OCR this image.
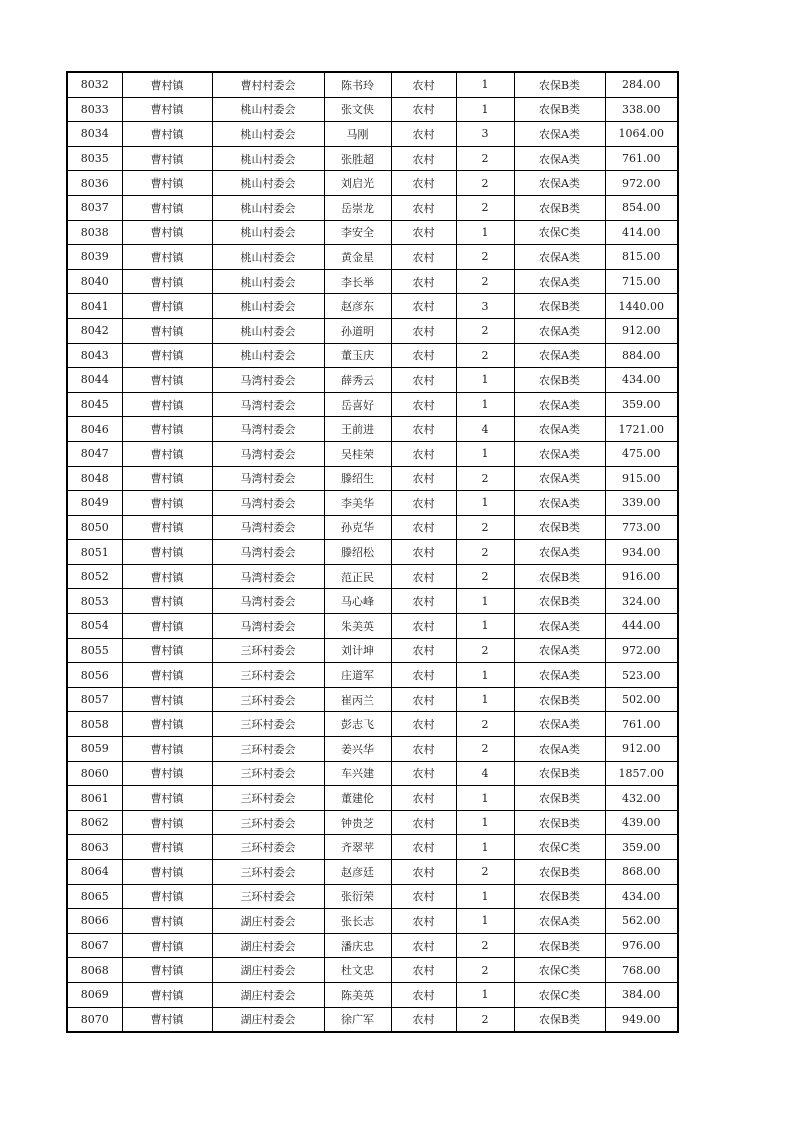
8032	曹村镇	曹村村委会	陈书玲	农村	1	农保B类	284.00
8033	曹村镇	桃山村委会	张文侠	农村	1	农保B类	338.00
8034	曹村镇	桃山村委会	马刚	农村	3	农保A类	1064.00
8035	曹村镇	桃山村委会	张胜超	农村	2	农保A类	761.00
8036	曹村镇	桃山村委会	刘启光	农村	2	农保A类	972.00
8037	曹村镇	桃山村委会	岳崇龙	农村	2	农保B类	854.00
8038	曹村镇	桃山村委会	李安全	农村	1	农保C类	414.00
8039	曹村镇	桃山村委会	黄金星	农村	2	农保A类	815.00
8040	曹村镇	桃山村委会	李长举	农村	2	农保A类	715.00
8041	曹村镇	桃山村委会	赵彦东	农村	3	农保B类	1440.00
8042	曹村镇	桃山村委会	孙道明	农村	2	农保A类	912.00
8043	曹村镇	桃山村委会	董玉庆	农村	2	农保A类	884.00
8044	曹村镇	马湾村委会	薛秀云	农村	1	农保B类	434.00
8045	曹村镇	马湾村委会	岳喜好	农村	1	农保A类	359.00
8046	曹村镇	马湾村委会	王前进	农村	4	农保A类	1721.00
8047	曹村镇	马湾村委会	吴桂荣	农村	1	农保A类	475.00
8048	曹村镇	马湾村委会	滕绍生	农村	2	农保A类	915.00
8049	曹村镇	马湾村委会	李美华	农村	1	农保A类	339.00
8050	曹村镇	马湾村委会	孙克华	农村	2	农保B类	773.00
8051	曹村镇	马湾村委会	滕绍松	农村	2	农保A类	934.00
8052	曹村镇	马湾村委会	范正民	农村	2	农保B类	916.00
8053	曹村镇	马湾村委会	马心峰	农村	1	农保B类	324.00
8054	曹村镇	马湾村委会	朱美英	农村	1	农保A类	444.00
8055	曹村镇	三环村委会	刘计坤	农村	2	农保A类	972.00
8056	曹村镇	三环村委会	庄道军	农村	1	农保A类	523.00
8057	曹村镇	三环村委会	崔丙兰	农村	1	农保B类	502.00
8058	曹村镇	三环村委会	彭志飞	农村	2	农保A类	761.00
8059	曹村镇	三环村委会	姜兴华	农村	2	农保A类	912.00
8060	曹村镇	三环村委会	车兴建	农村	4	农保B类	1857.00
8061	曹村镇	三环村委会	董建伦	农村	1	农保B类	432.00
8062	曹村镇	三环村委会	钟贵芝	农村	1	农保B类	439.00
8063	曹村镇	三环村委会	齐翠苹	农村	1	农保C类	359.00
8064	曹村镇	三环村委会	赵彦廷	农村	2	农保B类	868.00
8065	曹村镇	三环村委会	张衍荣	农村	1	农保B类	434.00
8066	曹村镇	湖庄村委会	张长志	农村	1	农保A类	562.00
8067	曹村镇	湖庄村委会	潘庆忠	农村	2	农保B类	976.00
8068	曹村镇	湖庄村委会	杜文忠	农村	2	农保C类	768.00
8069	曹村镇	湖庄村委会	陈美英	农村	1	农保C类	384.00
8070	曹村镇	湖庄村委会	徐广军	农村	2	农保B类	949.00
